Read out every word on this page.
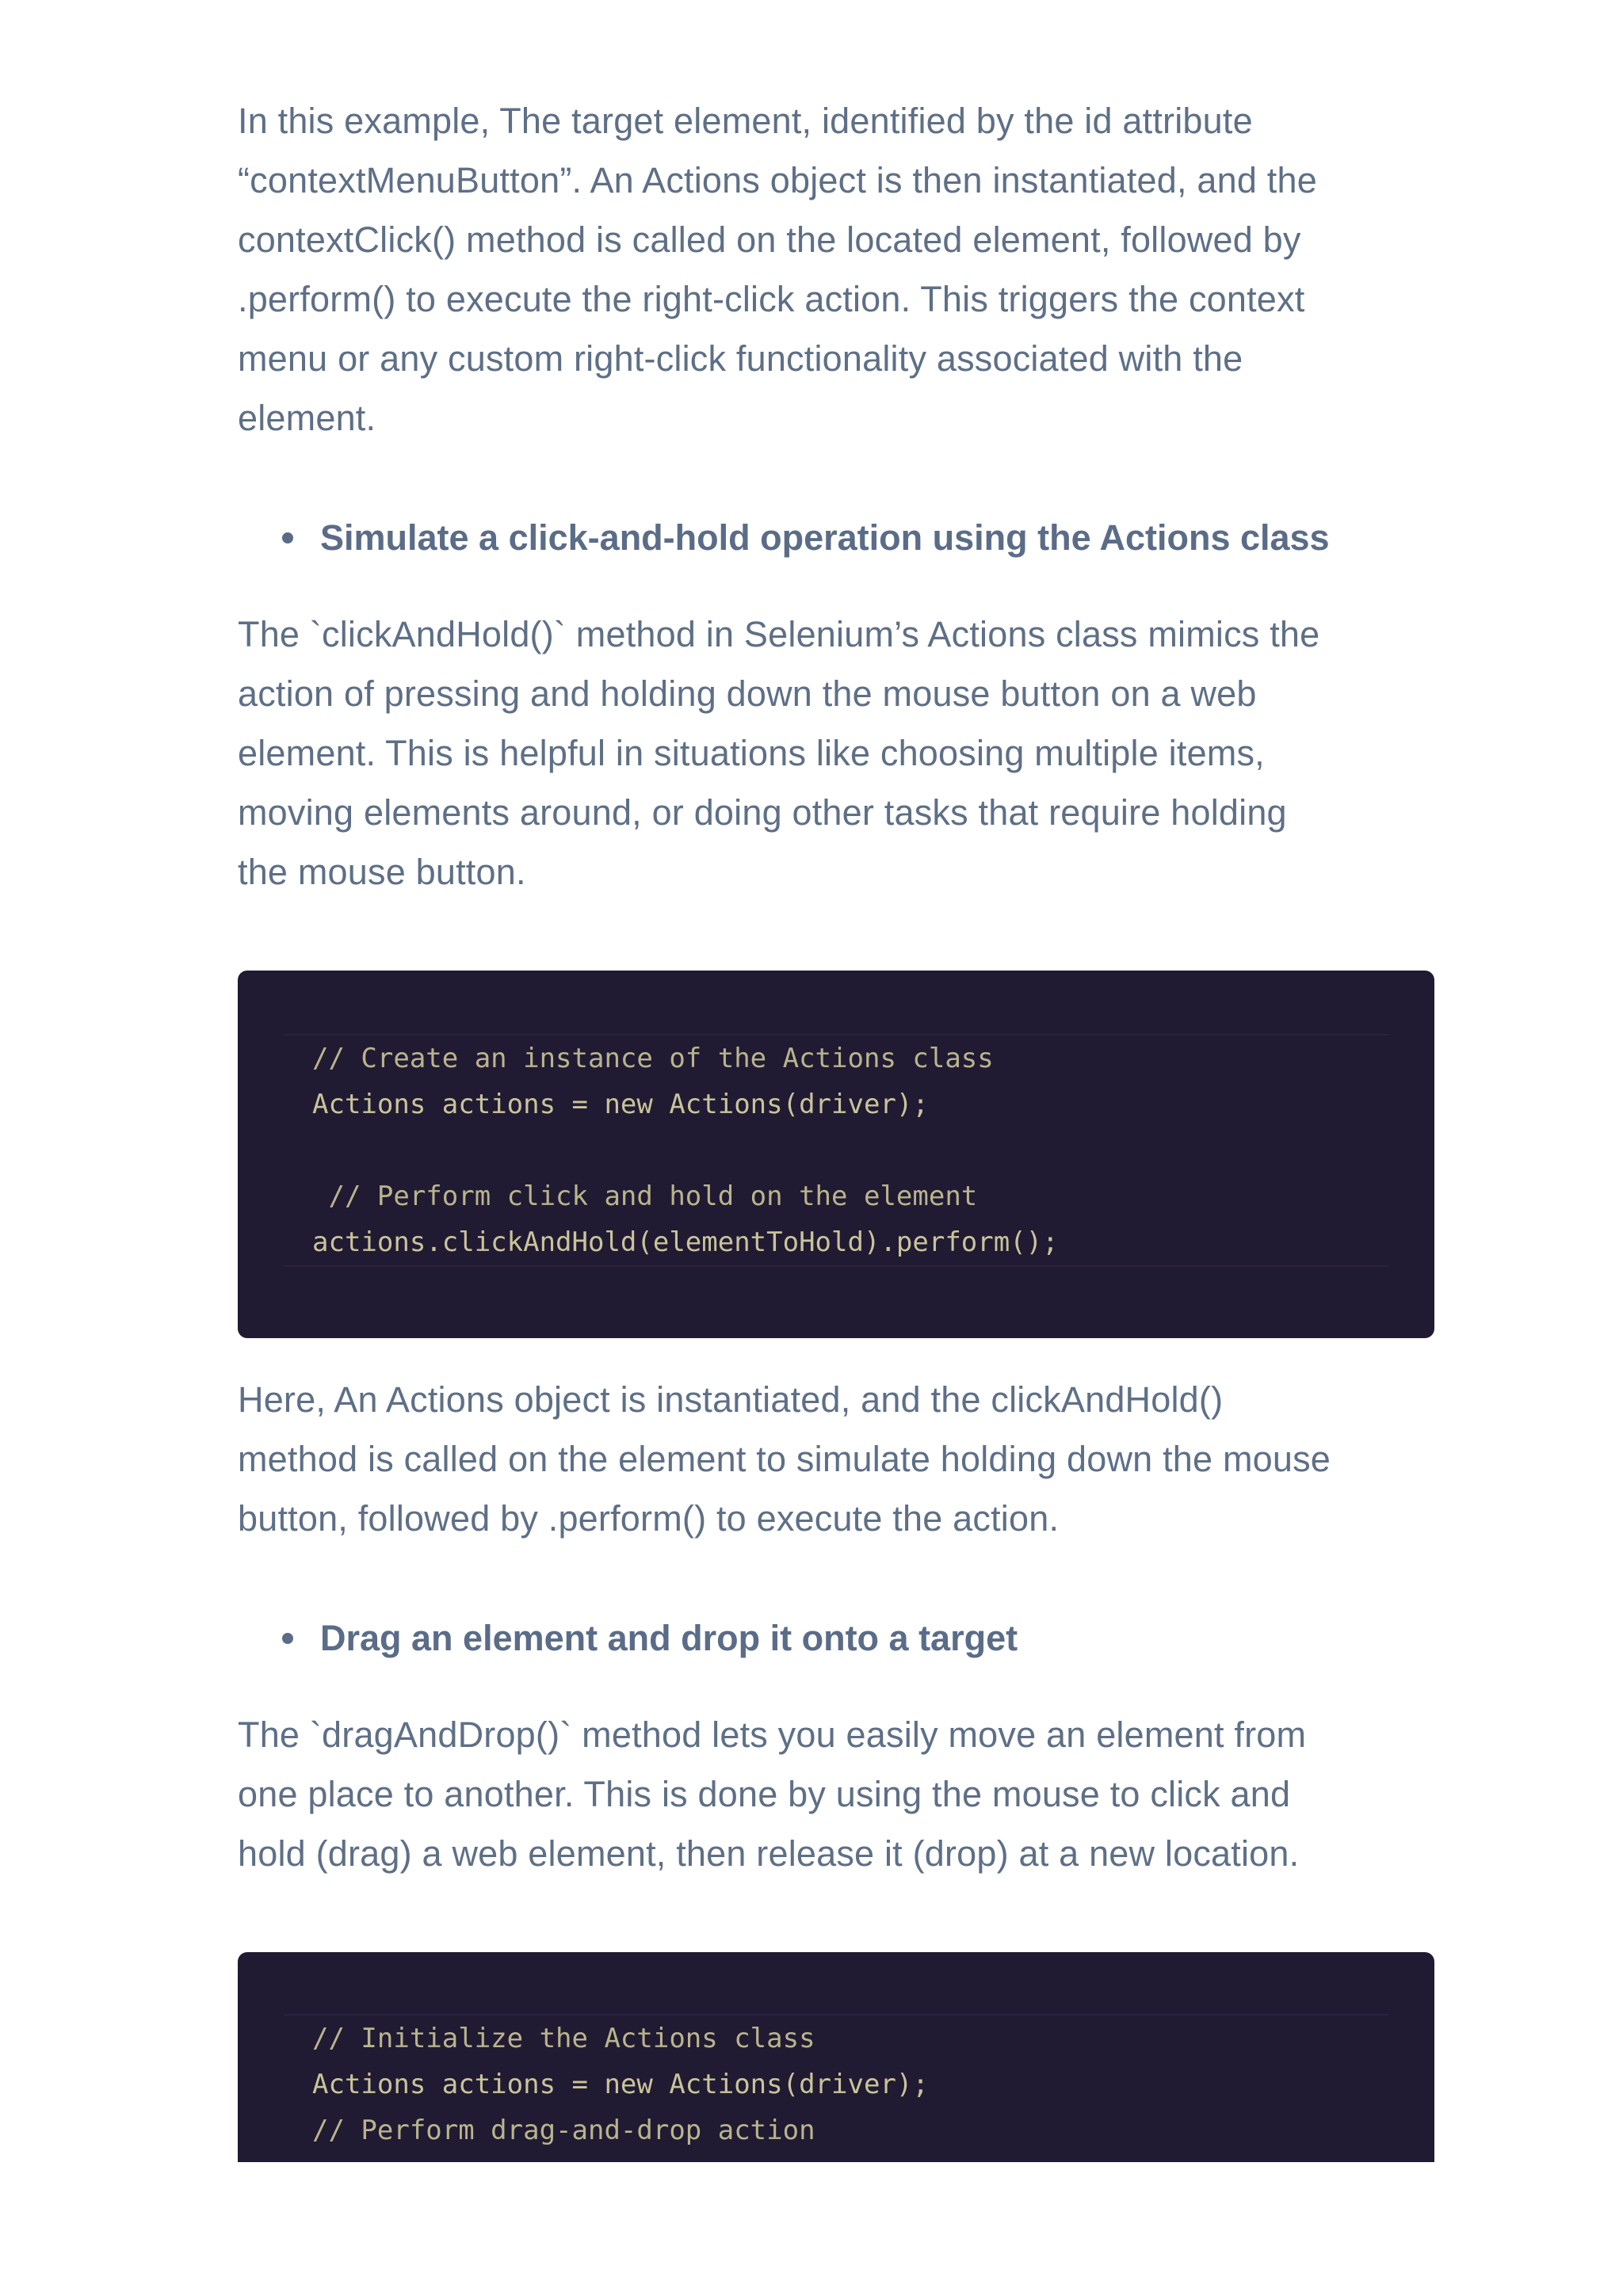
In this example, The target element, identified by the id attribute
“contextMenuButton”. An Actions object is then instantiated, and the
contextClick() method is called on the located element, followed by
.perform() to execute the right-click action. This triggers the context
menu or any custom right-click functionality associated with the
element.

Simulate a click-and-hold operation using the Actions class

The `clickAndHold()` method in Selenium’s Actions class mimics the
action of pressing and holding down the mouse button on a web
element. This is helpful in situations like choosing multiple items,
moving elements around, or doing other tasks that require holding
the mouse button.

// Create an instance of the Actions class
Actions actions = new Actions(driver);
// Perform click and hold on the element
actions.clickAndHold(elementToHold).perform();

Here, An Actions object is instantiated, and the clickAndHold()
method is called on the element to simulate holding down the mouse
button, followed by .perform() to execute the action.

Drag an element and drop it onto a target

The `dragAndDrop()` method lets you easily move an element from
one place to another. This is done by using the mouse to click and
hold (drag) a web element, then release it (drop) at a new location.

// Initialize the Actions class
Actions actions = new Actions(driver);
// Perform drag-and-drop action
